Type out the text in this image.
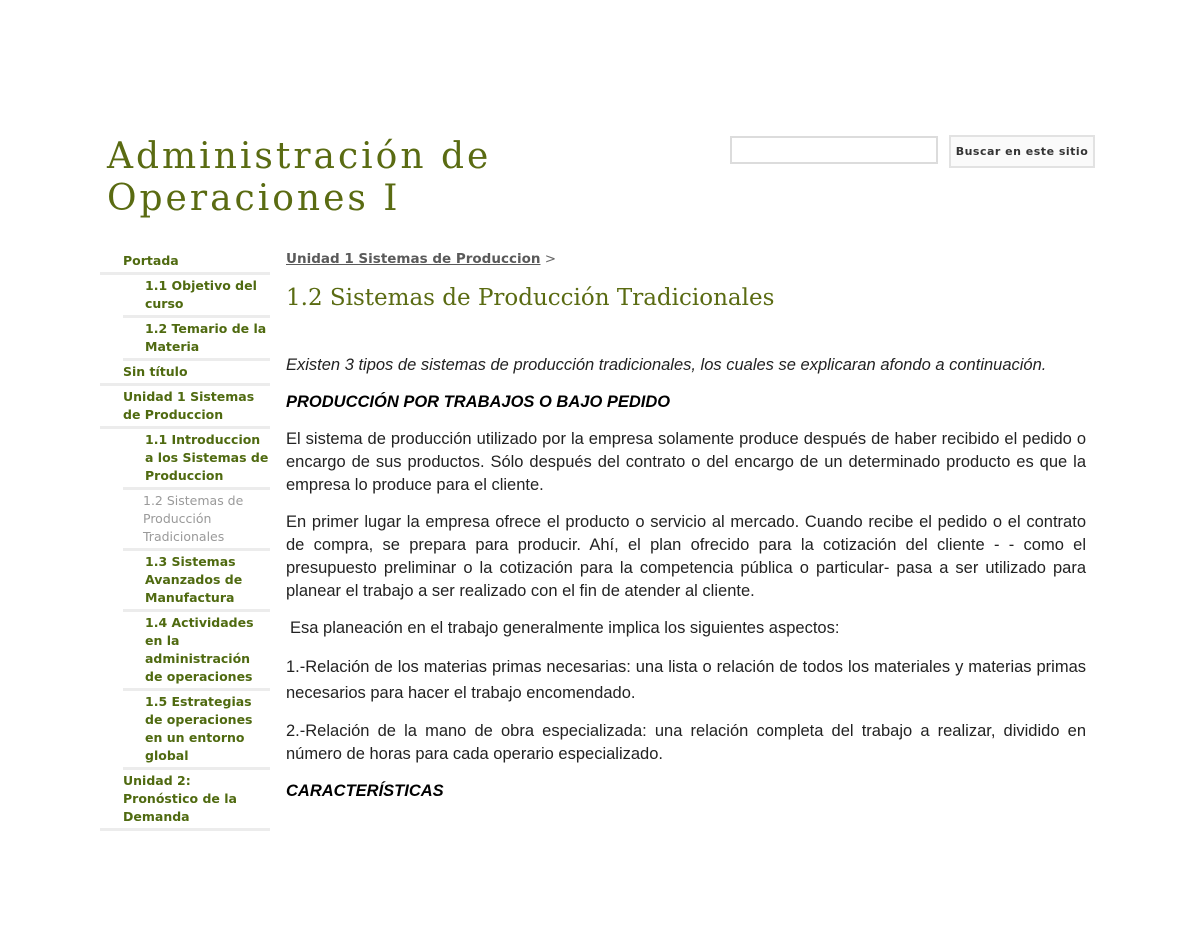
Administración de Operaciones I
Buscar en este sitio
Portada
1.1 Objetivo del curso
1.2 Temario de la Materia
Sin título
Unidad 1 Sistemas de Produccion
1.1 Introduccion a los Sistemas de Produccion
1.2 Sistemas de Producción Tradicionales
1.3 Sistemas Avanzados de Manufactura
1.4 Actividades en la administración de operaciones
1.5 Estrategias de operaciones en un entorno global
Unidad 2: Pronóstico de la Demanda
Unidad 1 Sistemas de Produccion >
1.2 Sistemas de Producción Tradicionales

Existen 3 tipos de sistemas de producción tradicionales, los cuales se explicaran afondo a continuación.

PRODUCCIÓN POR TRABAJOS O BAJO PEDIDO

El sistema de producción utilizado por la empresa solamente produce después de haber recibido el pedido o encargo de sus productos. Sólo después del contrato o del encargo de un determinado producto es que la empresa lo produce para el cliente.

En primer lugar la empresa ofrece el producto o servicio al mercado. Cuando recibe el pedido o el contrato de compra, se prepara para producir. Ahí, el plan ofrecido para la cotización del cliente - - como el presupuesto preliminar o la cotización para la competencia pública o particular- pasa a ser utilizado para planear el trabajo a ser realizado con el fin de atender al cliente.

Esa planeación en el trabajo generalmente implica los siguientes aspectos:

1.-Relación de los materias primas necesarias: una lista o relación de todos los materiales y materias primas necesarios para hacer el trabajo encomendado.

2.-Relación de la mano de obra especializada: una relación completa del trabajo a realizar, dividido en número de horas para cada operario especializado.

CARACTERÍSTICAS
